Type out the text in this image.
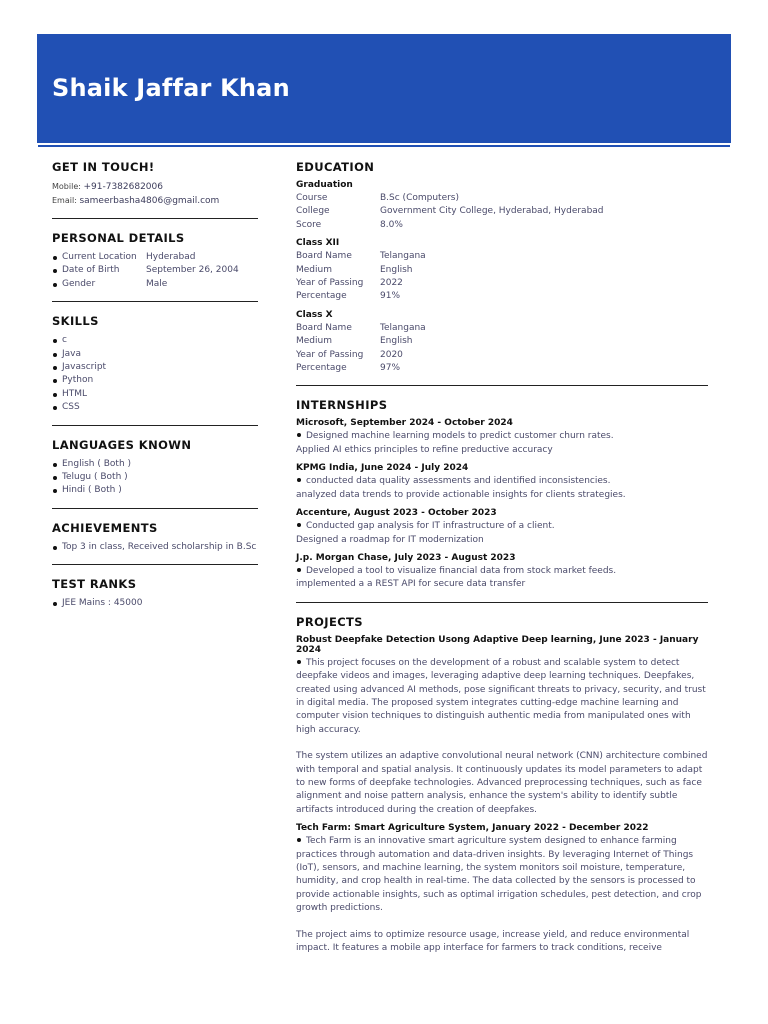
Shaik Jaffar Khan
GET IN TOUCH!
Mobile: +91-7382682006
Email: sameerbasha4806@gmail.com
PERSONAL DETAILS
Current Location	Hyderabad
Date of Birth	September 26, 2004
Gender	Male
SKILLS
c
Java
Javascript
Python
HTML
CSS
LANGUAGES KNOWN
English ( Both )
Telugu ( Both )
Hindi ( Both )
ACHIEVEMENTS
Top 3 in class, Received scholarship in B.Sc
TEST RANKS
JEE Mains : 45000
EDUCATION
Graduation
Course	B.Sc (Computers)
College	Government City College, Hyderabad, Hyderabad
Score	8.0%
Class XII
Board Name	Telangana
Medium	English
Year of Passing	2022
Percentage	91%
Class X
Board Name	Telangana
Medium	English
Year of Passing	2020
Percentage	97%
INTERNSHIPS
Microsoft, September 2024 - October 2024
Designed machine learning models to predict customer churn rates.
Applied AI ethics principles to refine preductive accuracy
KPMG India, June 2024 - July 2024
conducted data quality assessments and identified inconsistencies.
analyzed data trends to provide actionable insights for clients strategies.
Accenture, August 2023 - October 2023
Conducted gap analysis for IT infrastructure of a client.
Designed a roadmap for IT modernization
J.p. Morgan Chase, July 2023 - August 2023
Developed a tool to visualize financial data from stock market feeds.
implemented a a REST API for secure data transfer
PROJECTS
Robust Deepfake Detection Usong Adaptive Deep learning, June 2023 - January 2024
This project focuses on the development of a robust and scalable system to detect deepfake videos and images, leveraging adaptive deep learning techniques. Deepfakes, created using advanced AI methods, pose significant threats to privacy, security, and trust in digital media. The proposed system integrates cutting-edge machine learning and computer vision techniques to distinguish authentic media from manipulated ones with high accuracy.
The system utilizes an adaptive convolutional neural network (CNN) architecture combined with temporal and spatial analysis. It continuously updates its model parameters to adapt to new forms of deepfake technologies. Advanced preprocessing techniques, such as face alignment and noise pattern analysis, enhance the system's ability to identify subtle artifacts introduced during the creation of deepfakes.
Tech Farm: Smart Agriculture System, January 2022 - December 2022
Tech Farm is an innovative smart agriculture system designed to enhance farming practices through automation and data-driven insights. By leveraging Internet of Things (IoT), sensors, and machine learning, the system monitors soil moisture, temperature, humidity, and crop health in real-time. The data collected by the sensors is processed to provide actionable insights, such as optimal irrigation schedules, pest detection, and crop growth predictions.
The project aims to optimize resource usage, increase yield, and reduce environmental impact. It features a mobile app interface for farmers to track conditions, receive
